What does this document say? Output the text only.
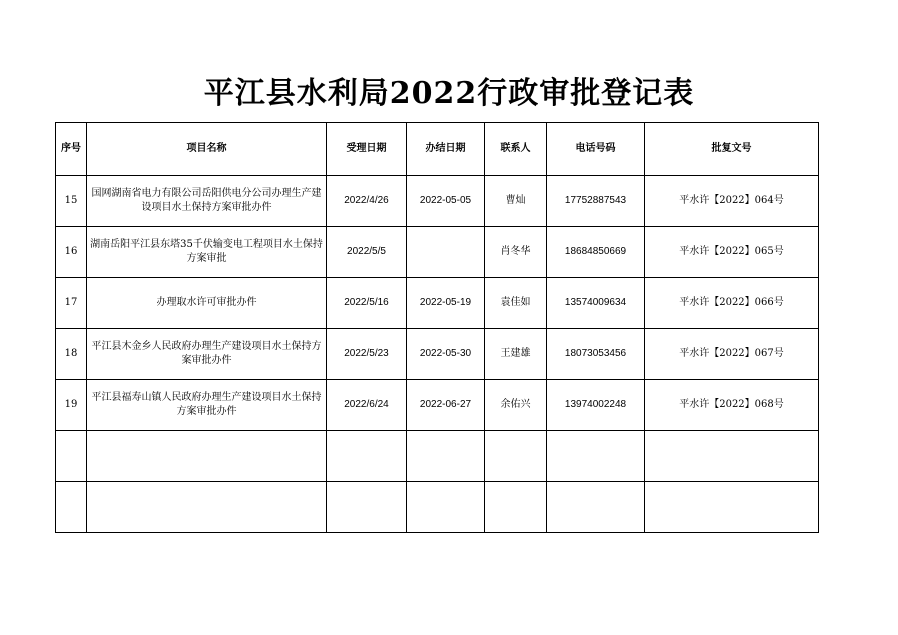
平江县水利局2022行政审批登记表
序号	项目名称	受理日期	办结日期	联系人	电话号码	批复文号
15	国网湖南省电力有限公司岳阳供电分公司办理生产建设项目水土保持方案审批办件	2022/4/26	2022-05-05	曹灿	17752887543	平水许【2022】064号
16	湖南岳阳平江县东塔35千伏输变电工程项目水土保持方案审批	2022/5/5		肖冬华	18684850669	平水许【2022】065号
17	办理取水许可审批办件	2022/5/16	2022-05-19	袁佳如	13574009634	平水许【2022】066号
18	平江县木金乡人民政府办理生产建设项目水土保持方案审批办件	2022/5/23	2022-05-30	王建雄	18073053456	平水许【2022】067号
19	平江县福寿山镇人民政府办理生产建设项目水土保持方案审批办件	2022/6/24	2022-06-27	余佑兴	13974002248	平水许【2022】068号
